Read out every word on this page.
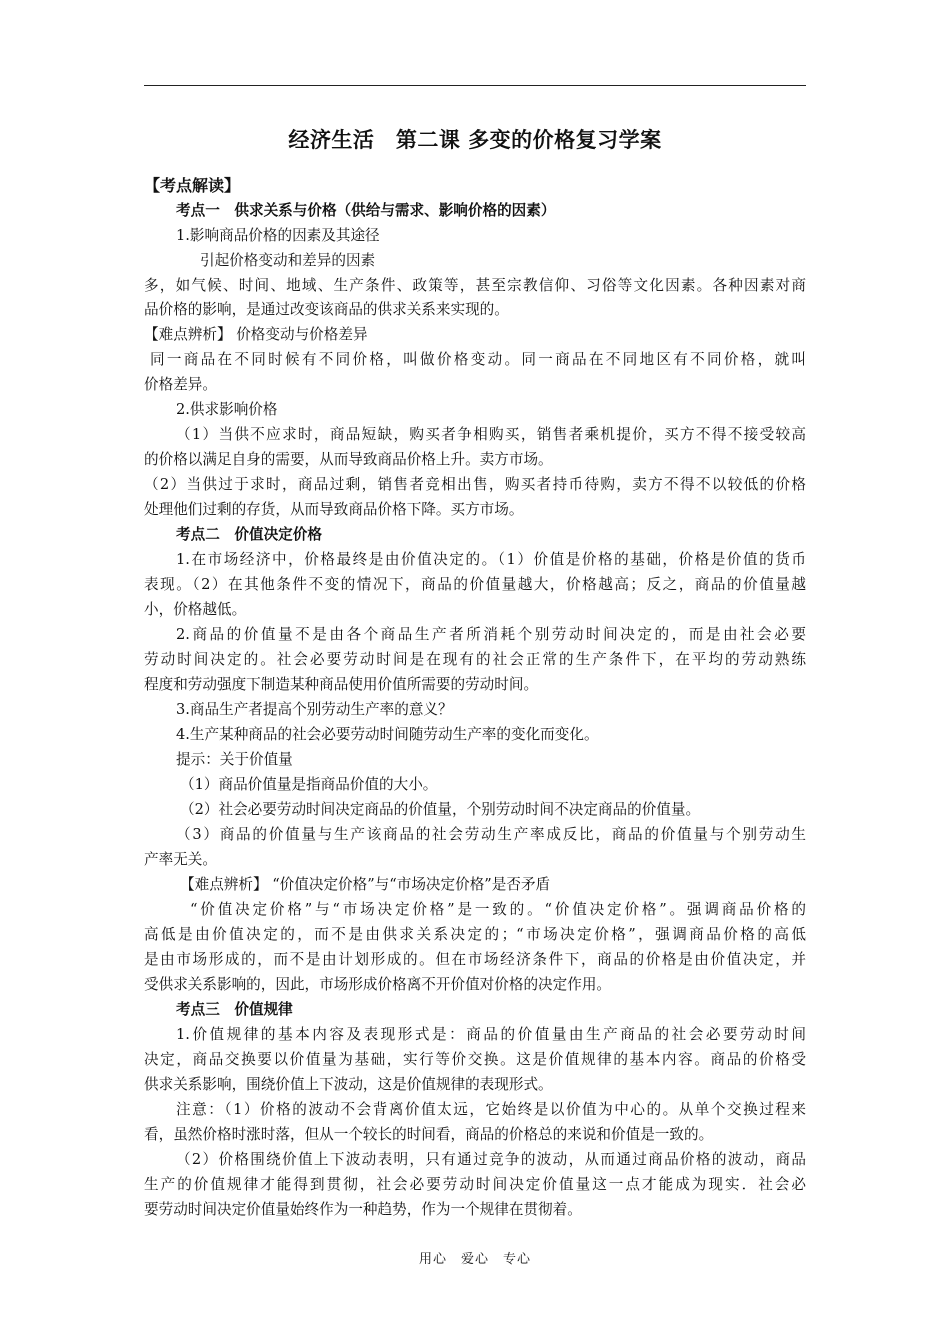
经济生活　第二课 多变的价格复习学案
【考点解读】
考点一　供求关系与价格（供给与需求、影响价格的因素）
1.影响商品价格的因素及其途径
引起价格变动和差异的因素
多，如气候、时间、地域、生产条件、政策等，甚至宗教信仰、习俗等文化因素。各种因素对商
品价格的影响，是通过改变该商品的供求关系来实现的。
【难点辨析】 价格变动与价格差异
同一商品在不同时候有不同价格，叫做价格变动。同一商品在不同地区有不同价格，就叫
价格差异。
2.供求影响价格
（1）当供不应求时，商品短缺，购买者争相购买，销售者乘机提价，买方不得不接受较高
的价格以满足自身的需要，从而导致商品价格上升。卖方市场。
（2）当供过于求时，商品过剩，销售者竞相出售，购买者持币待购，卖方不得不以较低的价格
处理他们过剩的存货，从而导致商品价格下降。买方市场。
考点二　价值决定价格
1.在市场经济中，价格最终是由价值决定的。（1）价值是价格的基础，价格是价值的货币
表现。（2）在其他条件不变的情况下，商品的价值量越大，价格越高；反之，商品的价值量越
小，价格越低。
2.商品的价值量不是由各个商品生产者所消耗个别劳动时间决定的，而是由社会必要
劳动时间决定的。社会必要劳动时间是在现有的社会正常的生产条件下，在平均的劳动熟练
程度和劳动强度下制造某种商品使用价值所需要的劳动时间。
3.商品生产者提高个别劳动生产率的意义？
4.生产某种商品的社会必要劳动时间随劳动生产率的变化而变化。
提示：关于价值量
（1）商品价值量是指商品价值的大小。
（2）社会必要劳动时间决定商品的价值量，个别劳动时间不决定商品的价值量。
（3）商品的价值量与生产该商品的社会劳动生产率成反比，商品的价值量与个别劳动生
产率无关。
【难点辨析】 “价值决定价格”与“市场决定价格”是否矛盾
“价值决定价格”与“市场决定价格”是一致的。“价值决定价格”。强调商品价格的
高低是由价值决定的，而不是由供求关系决定的；“市场决定价格”，强调商品价格的高低
是由市场形成的，而不是由计划形成的。但在市场经济条件下，商品的价格是由价值决定，并
受供求关系影响的，因此，市场形成价格离不开价值对价格的决定作用。
考点三　价值规律
1.价值规律的基本内容及表现形式是：商品的价值量由生产商品的社会必要劳动时间
决定，商品交换要以价值量为基础，实行等价交换。这是价值规律的基本内容。商品的价格受
供求关系影响，围绕价值上下波动，这是价值规律的表现形式。
注意：（1）价格的波动不会背离价值太远，它始终是以价值为中心的。从单个交换过程来
看，虽然价格时涨时落，但从一个较长的时间看，商品的价格总的来说和价值是一致的。
（2）价格围绕价值上下波动表明，只有通过竞争的波动，从而通过商品价格的波动，商品
生产的价值规律才能得到贯彻，社会必要劳动时间决定价值量这一点才能成为现实．社会必
要劳动时间决定价值量始终作为一种趋势，作为一个规律在贯彻着。
用心　爱心　专心
